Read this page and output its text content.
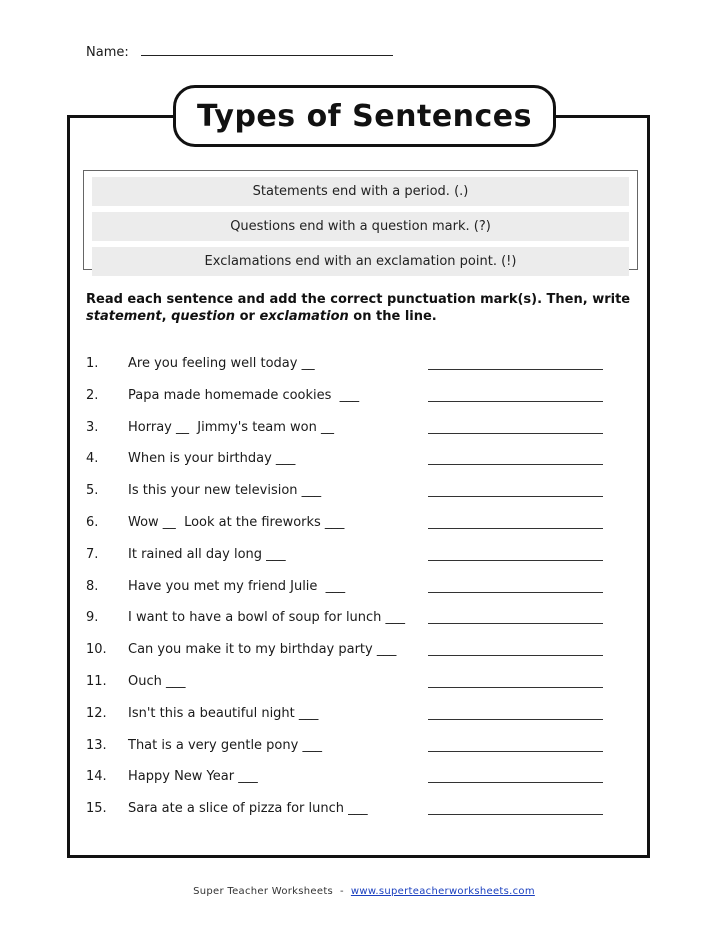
Name:
Types of Sentences
Statements end with a period. (.)
Questions end with a question mark. (?)
Exclamations end with an exclamation point. (!)
Read each sentence and add the correct punctuation mark(s). Then, write statement, question or exclamation on the line.
1. Are you feeling well today __
2. Papa made homemade cookies  ___
3. Horray __  Jimmy's team won __
4. When is your birthday ___
5. Is this your new television ___
6. Wow __  Look at the fireworks ___
7. It rained all day long ___
8. Have you met my friend Julie  ___
9. I want to have a bowl of soup for lunch ___
10. Can you make it to my birthday party ___
11. Ouch ___
12. Isn't this a beautiful night ___
13. That is a very gentle pony ___
14. Happy New Year ___
15. Sara ate a slice of pizza for lunch ___
Super Teacher Worksheets  -  www.superteacherworksheets.com
